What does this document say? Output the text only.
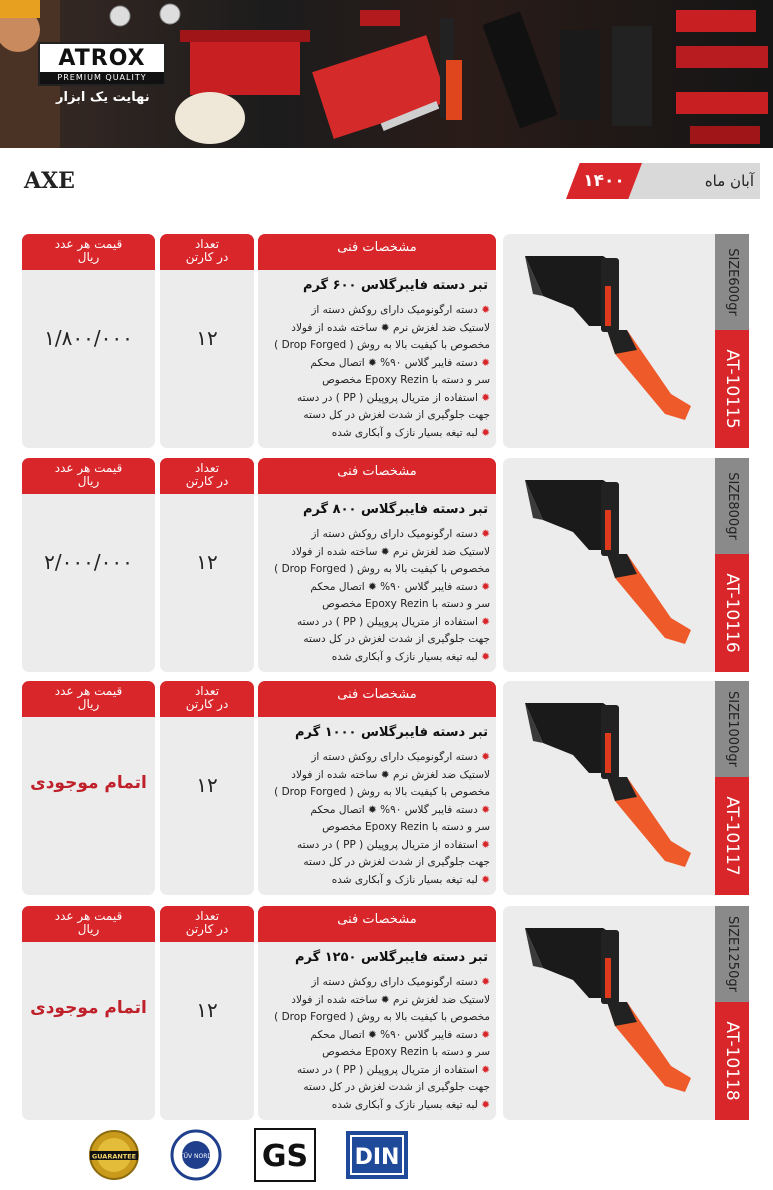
ATROX
PREMIUM QUALITY
نهایت یک ابزار
AXE	۱۴۰۰	آبان ماه
قیمت هر عدد
ریال
تعداد
در کارتن
مشخصات فنی
۱/۸۰۰/۰۰۰	۱۲
تبر دسته فایبرگلاس ۶۰۰ گرم
✹ دسته ارگونومیک دارای روکش دسته از
لاستیک ضد لغزش نرم ✹ ساخته شده از فولاد
مخصوص با کیفیت بالا به روش ( Drop Forged )
✹ دسته فایبر گلاس ۹۰% ✹ اتصال محکم
سر و دسته با Epoxy Rezin مخصوص
✹ استفاده از متریال پروپیلن ( PP ) در دسته
جهت جلوگیری از شدت لغزش در کل دسته
✹ لبه تیغه بسیار نازک و آبکاری شده
SIZE600gr
AT-10115
قیمت هر عدد
ریال
تعداد
در کارتن
مشخصات فنی
۲/۰۰۰/۰۰۰	۱۲
تبر دسته فایبرگلاس ۸۰۰ گرم
✹ دسته ارگونومیک دارای روکش دسته از
لاستیک ضد لغزش نرم ✹ ساخته شده از فولاد
مخصوص با کیفیت بالا به روش ( Drop Forged )
✹ دسته فایبر گلاس ۹۰% ✹ اتصال محکم
سر و دسته با Epoxy Rezin مخصوص
✹ استفاده از متریال پروپیلن ( PP ) در دسته
جهت جلوگیری از شدت لغزش در کل دسته
✹ لبه تیغه بسیار نازک و آبکاری شده
SIZE800gr
AT-10116
قیمت هر عدد
ریال
تعداد
در کارتن
مشخصات فنی
اتمام موجودی	۱۲
تبر دسته فایبرگلاس ۱۰۰۰ گرم
✹ دسته ارگونومیک دارای روکش دسته از
لاستیک ضد لغزش نرم ✹ ساخته شده از فولاد
مخصوص با کیفیت بالا به روش ( Drop Forged )
✹ دسته فایبر گلاس ۹۰% ✹ اتصال محکم
سر و دسته با Epoxy Rezin مخصوص
✹ استفاده از متریال پروپیلن ( PP ) در دسته
جهت جلوگیری از شدت لغزش در کل دسته
✹ لبه تیغه بسیار نازک و آبکاری شده
SIZE1000gr
AT-10117
قیمت هر عدد
ریال
تعداد
در کارتن
مشخصات فنی
اتمام موجودی	۱۲
تبر دسته فایبرگلاس ۱۲۵۰ گرم
✹ دسته ارگونومیک دارای روکش دسته از
لاستیک ضد لغزش نرم ✹ ساخته شده از فولاد
مخصوص با کیفیت بالا به روش ( Drop Forged )
✹ دسته فایبر گلاس ۹۰% ✹ اتصال محکم
سر و دسته با Epoxy Rezin مخصوص
✹ استفاده از متریال پروپیلن ( PP ) در دسته
جهت جلوگیری از شدت لغزش در کل دسته
✹ لبه تیغه بسیار نازک و آبکاری شده
SIZE1250gr
AT-10118
GUARANTEE	TÜV NORD GS DIN
